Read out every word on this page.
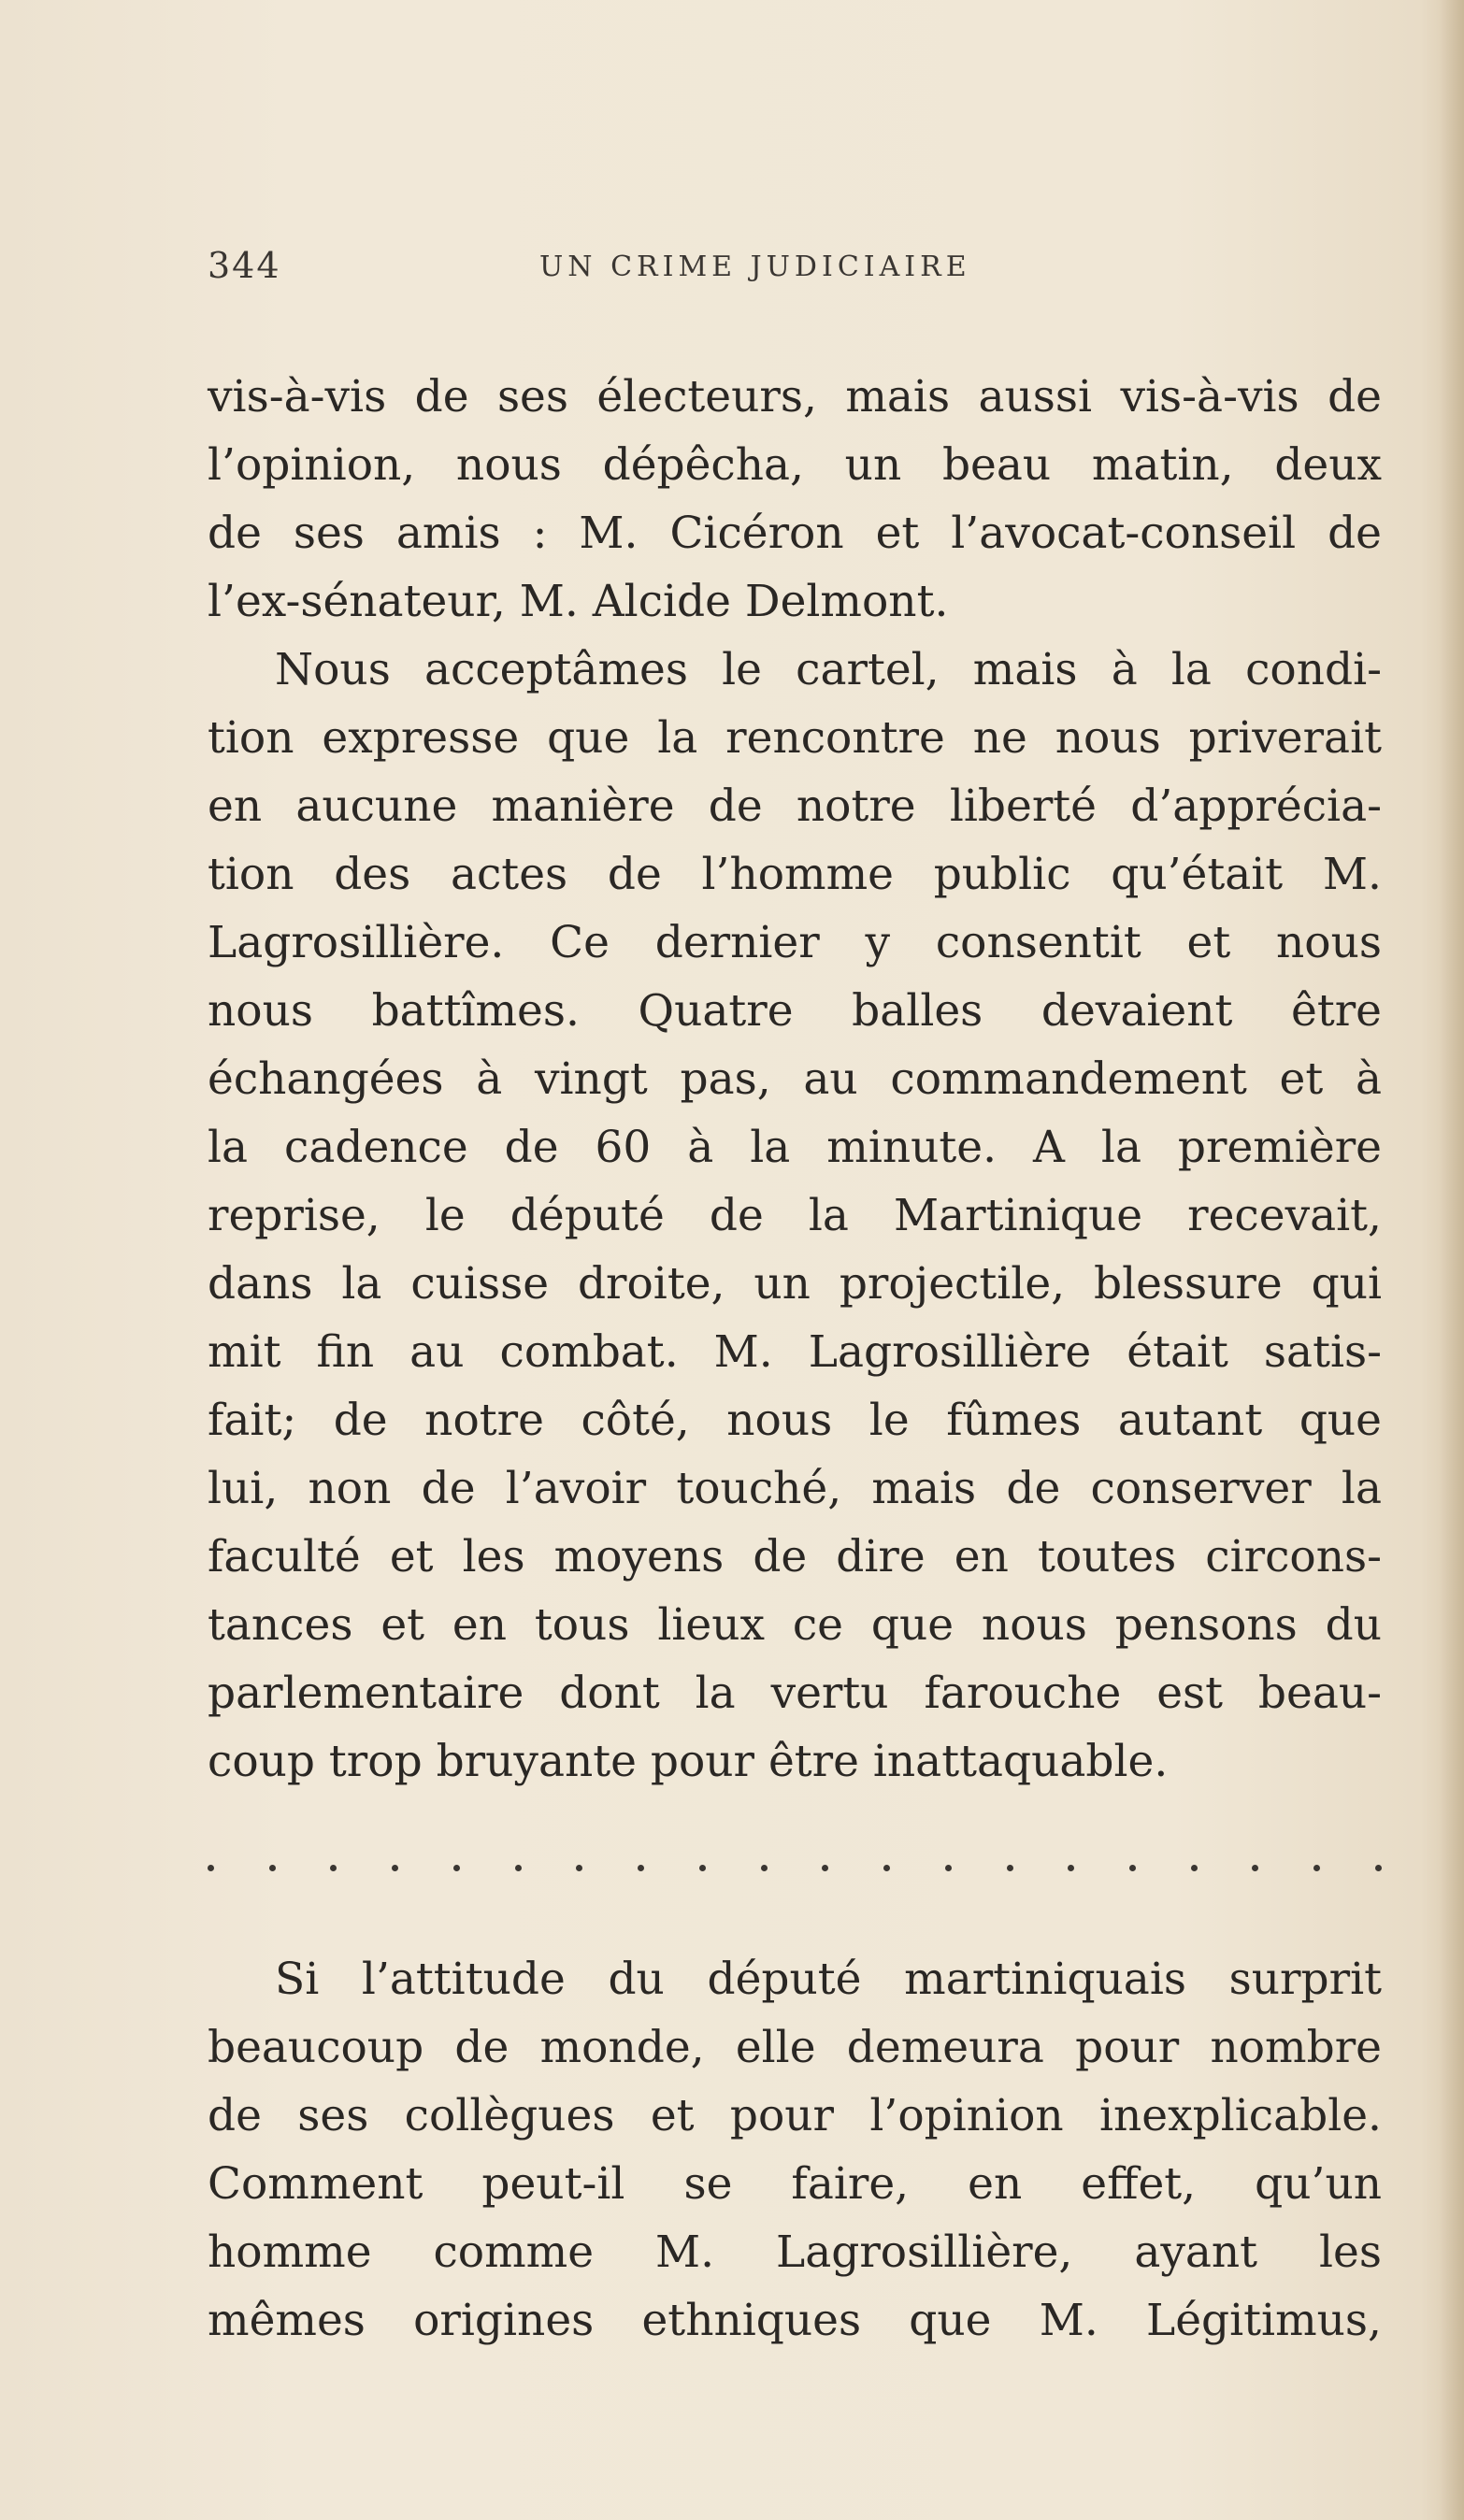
344	UN CRIME JUDICIAIRE
vis-à-vis de ses électeurs, mais aussi vis-à-vis de
l’opinion, nous dépêcha, un beau matin, deux
de ses amis : M. Cicéron et l’avocat-conseil de
l’ex-sénateur, M. Alcide Delmont.
Nous acceptâmes le cartel, mais à la condi-
tion expresse que la rencontre ne nous priverait
en aucune manière de notre liberté d’apprécia-
tion des actes de l’homme public qu’était M.
Lagrosillière. Ce dernier y consentit et nous
nous battîmes. Quatre balles devaient être
échangées à vingt pas, au commandement et à
la cadence de 60 à la minute. A la première
reprise, le député de la Martinique recevait,
dans la cuisse droite, un projectile, blessure qui
mit fin au combat. M. Lagrosillière était satis-
fait; de notre côté, nous le fûmes autant que
lui, non de l’avoir touché, mais de conserver la
faculté et les moyens de dire en toutes circons-
tances et en tous lieux ce que nous pensons du
parlementaire dont la vertu farouche est beau-
coup trop bruyante pour être inattaquable.
Si l’attitude du député martiniquais surprit
beaucoup de monde, elle demeura pour nombre
de ses collègues et pour l’opinion inexplicable.
Comment peut-il se faire, en effet, qu’un
homme comme M. Lagrosillière, ayant les
mêmes origines ethniques que M. Légitimus,
